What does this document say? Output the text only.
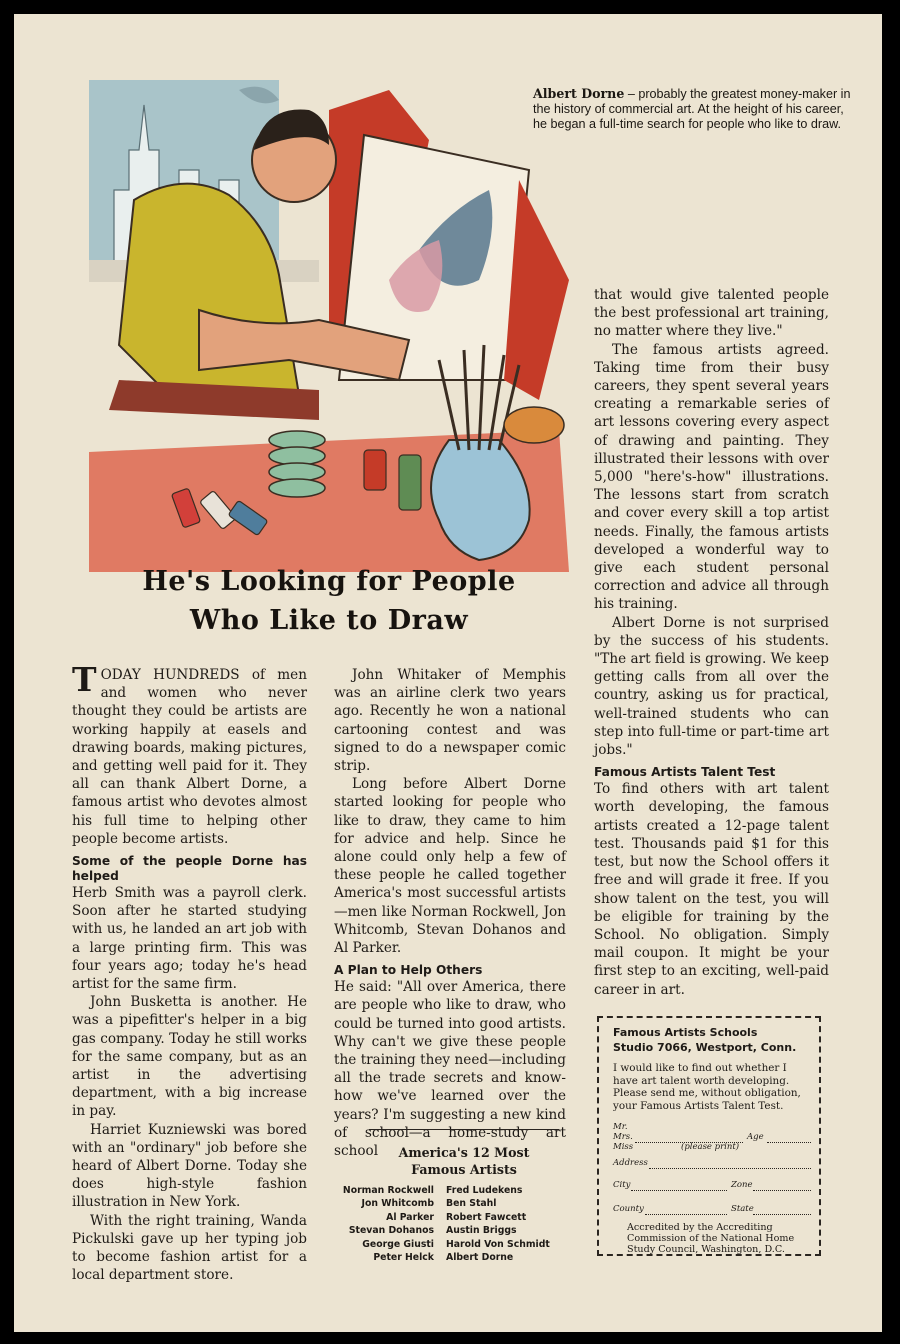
Albert Dorne – probably the greatest money-maker in the history of commercial art. At the height of his career, he began a full-time search for people who like to draw.
He's Looking for People
Who Like to Draw

T ODAY HUNDREDS of men and women who never thought they could be artists are working happily at easels and drawing boards, making pictures, and getting well paid for it. They all can thank Albert Dorne, a famous artist who devotes almost his full time to helping other people become artists.

Some of the people Dorne has helped

Herb Smith was a payroll clerk. Soon after he started studying with us, he landed an art job with a large printing firm. This was four years ago; today he's head artist for the same firm.

John Busketta is another. He was a pipefitter's helper in a big gas company. Today he still works for the same company, but as an artist in the advertising department, with a big increase in pay.

Harriet Kuzniewski was bored with an "ordinary" job before she heard of Albert Dorne. Today she does high-style fashion illustration in New York.

With the right training, Wanda Pickulski gave up her typing job to become fashion artist for a local department store.

John Whitaker of Memphis was an airline clerk two years ago. Recently he won a national cartooning contest and was signed to do a newspaper comic strip.

Long before Albert Dorne started looking for people who like to draw, they came to him for advice and help. Since he alone could only help a few of these people he called together America's most successful artists —men like Norman Rockwell, Jon Whitcomb, Stevan Dohanos and Al Parker.

A Plan to Help Others

He said: "All over America, there are people who like to draw, who could be turned into good artists. Why can't we give these people the training they need—including all the trade secrets and know-how we've learned over the years? I'm suggesting a new kind of school—a home-study art school

that would give talented people the best professional art training, no matter where they live."

The famous artists agreed. Taking time from their busy careers, they spent several years creating a remarkable series of art lessons covering every aspect of drawing and painting. They illustrated their lessons with over 5,000 "here's-how" illustrations. The lessons start from scratch and cover every skill a top artist needs. Finally, the famous artists developed a wonderful way to give each student personal correction and advice all through his training.

Albert Dorne is not surprised by the success of his students. "The art field is growing. We keep getting calls from all over the country, asking us for practical, well-trained students who can step into full-time or part-time art jobs."

Famous Artists Talent Test

To find others with art talent worth developing, the famous artists created a 12-page talent test. Thousands paid $1 for this test, but now the School offers it free and will grade it free. If you show talent on the test, you will be eligible for training by the School. No obligation. Simply mail coupon. It might be your first step to an exciting, well-paid career in art.

America's 12 Most
Famous Artists
Norman Rockwell
Jon Whitcomb
Al Parker
Stevan Dohanos
George Giusti
Peter Helck
Fred Ludekens
Ben Stahl
Robert Fawcett
Austin Briggs
Harold Von Schmidt
Albert Dorne
Famous Artists Schools
Studio 7066, Westport, Conn.
I would like to find out whether I have art talent worth developing. Please send me, without obligation, your Famous Artists Talent Test.
Mr.
Mrs.	Age
Miss	(please print)
Address
City	Zone
County	State
Accredited by the Accrediting Commission of the National Home Study Council, Washington, D.C.
